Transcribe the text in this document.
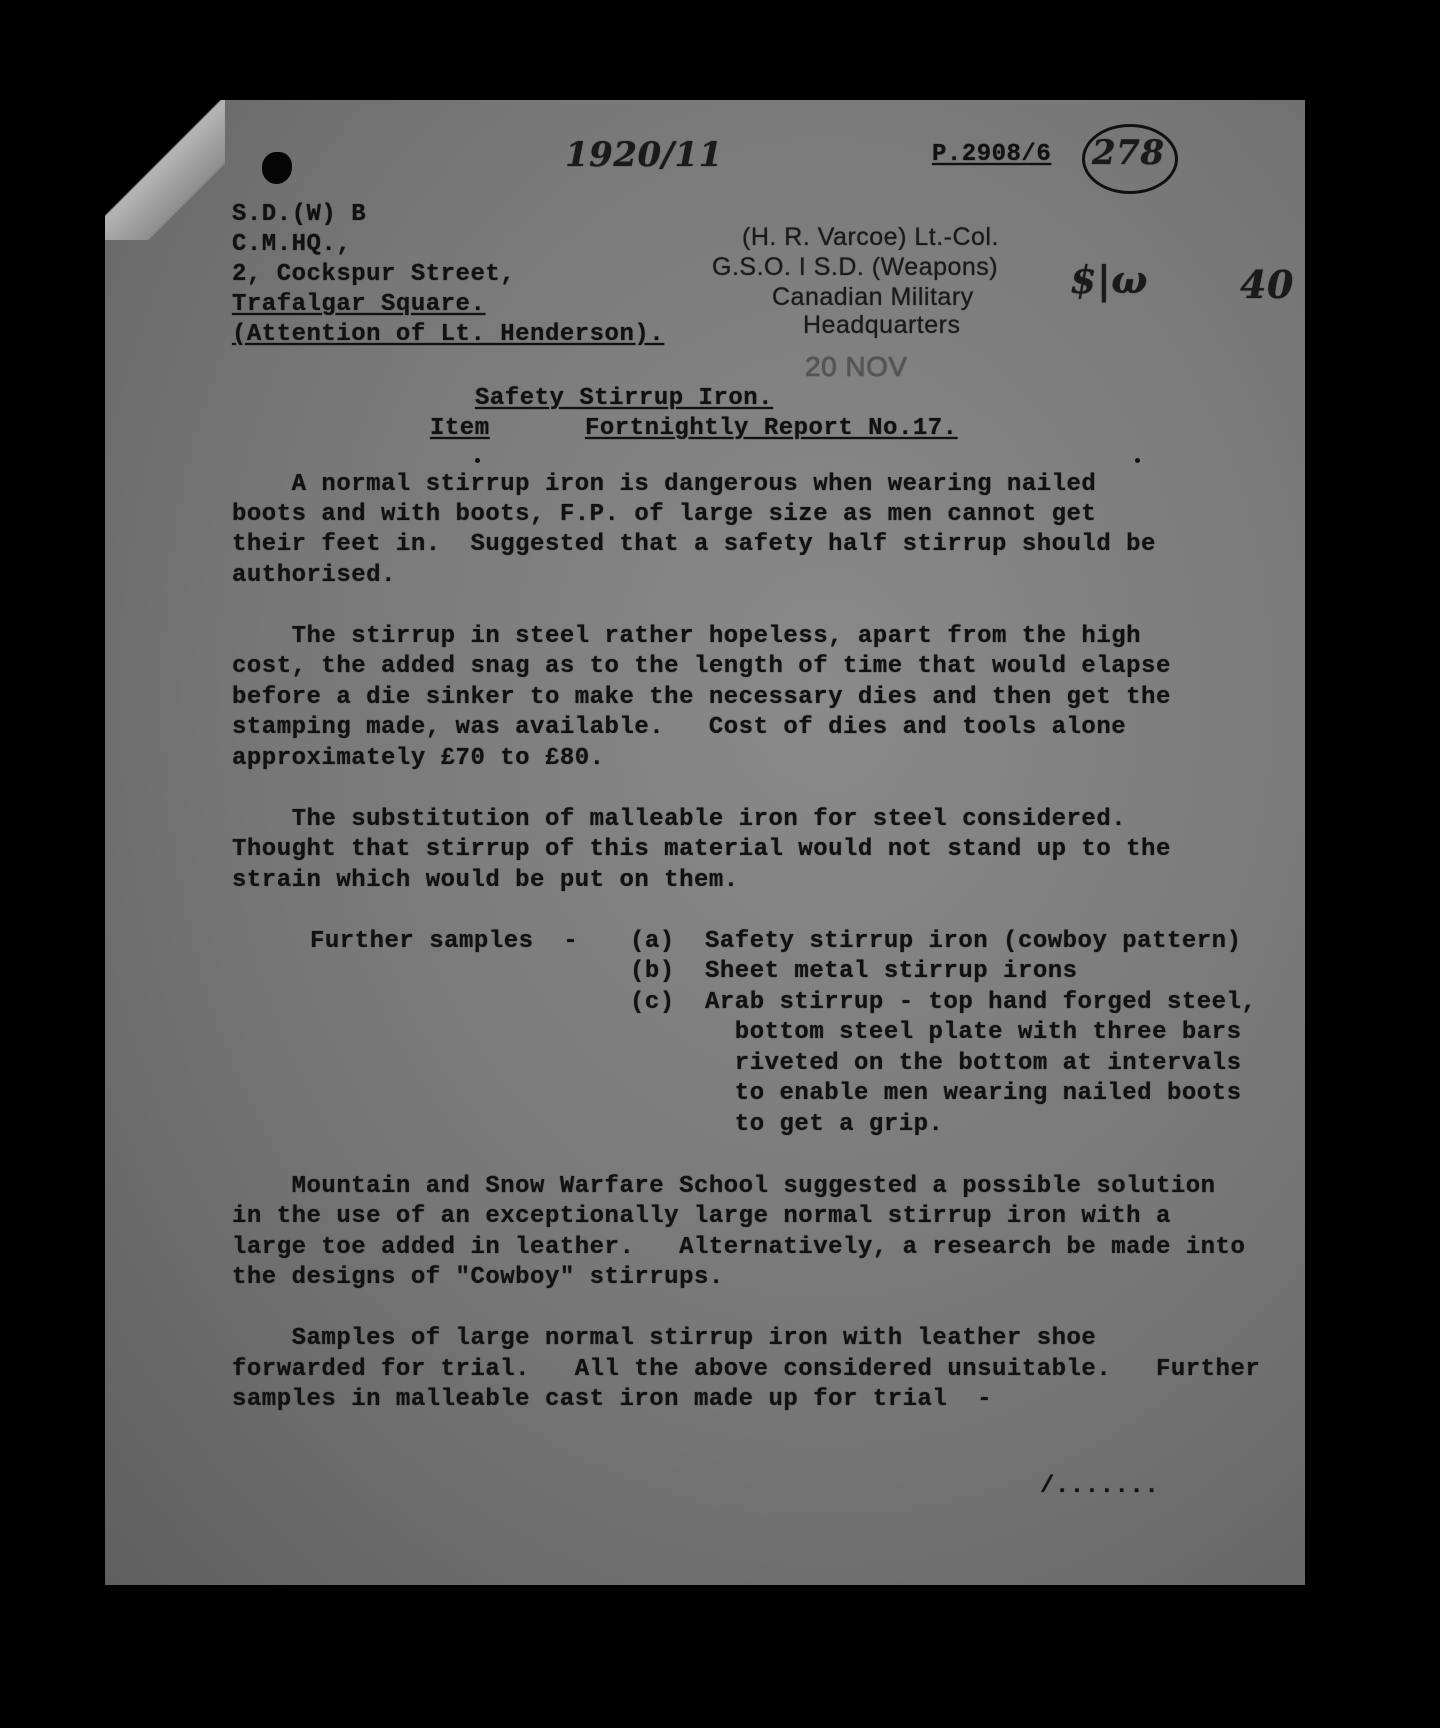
1920/11	P.2908/6 278
$|ω 40
S.D.(W) B
C.M.HQ.,
2, Cockspur Street,
Trafalgar Square.
(Attention of Lt. Henderson).
(H. R. Varcoe) Lt.-Col.
G.S.O. I S.D. (Weapons)
Canadian Military
Headquarters
20 NOV
Safety Stirrup Iron.
Item	Fortnightly Report No.17.
A normal stirrup iron is dangerous when wearing nailed
boots and with boots, F.P. of large size as men cannot get
their feet in.  Suggested that a safety half stirrup should be
authorised.
The stirrup in steel rather hopeless, apart from the high
cost, the added snag as to the length of time that would elapse
before a die sinker to make the necessary dies and then get the
stamping made, was available.   Cost of dies and tools alone
approximately £70 to £80.
The substitution of malleable iron for steel considered.
Thought that stirrup of this material would not stand up to the
strain which would be put on them.
Further samples  - (a) Safety stirrup iron (cowboy pattern)
(b) Sheet metal stirrup irons
(c) Arab stirrup - top hand forged steel,
bottom steel plate with three bars
riveted on the bottom at intervals
to enable men wearing nailed boots
to get a grip.
Mountain and Snow Warfare School suggested a possible solution
in the use of an exceptionally large normal stirrup iron with a
large toe added in leather.   Alternatively, a research be made into
the designs of "Cowboy" stirrups.
Samples of large normal stirrup iron with leather shoe
forwarded for trial.   All the above considered unsuitable.   Further
samples in malleable cast iron made up for trial  -
/.......
